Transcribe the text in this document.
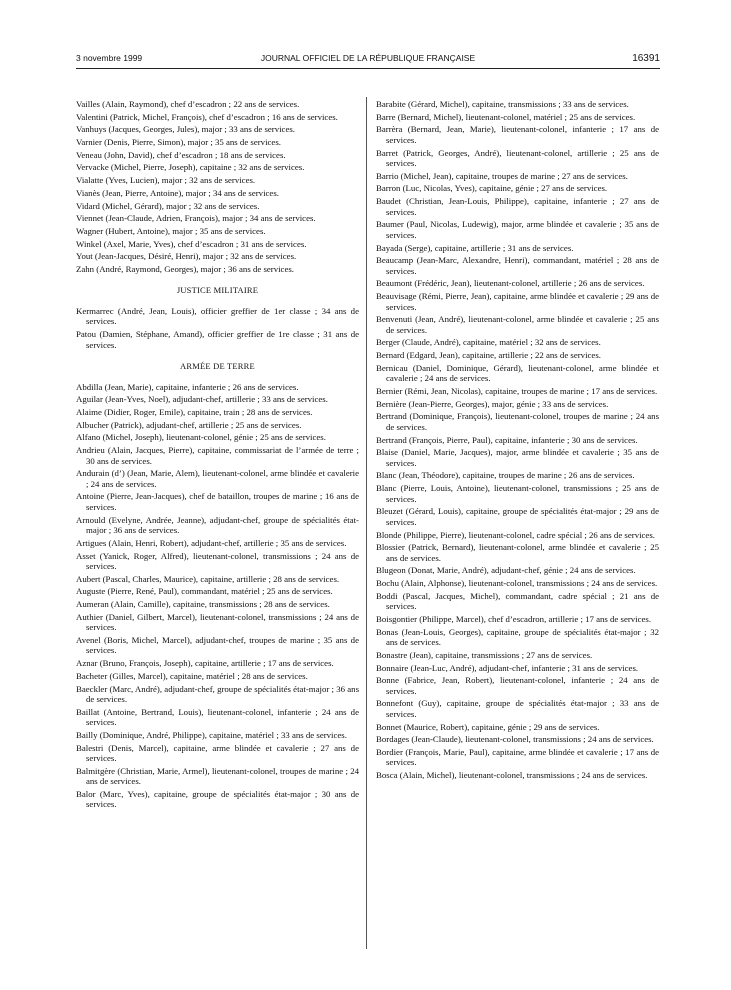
3 novembre 1999	JOURNAL OFFICIEL DE LA RÉPUBLIQUE FRANÇAISE	16391
Vailles (Alain, Raymond), chef d’escadron ; 22 ans de services.
Valentini (Patrick, Michel, François), chef d’escadron ; 16 ans de services.
Vanhuys (Jacques, Georges, Jules), major ; 33 ans de services.
Varnier (Denis, Pierre, Simon), major ; 35 ans de services.
Veneau (John, David), chef d’escadron ; 18 ans de services.
Vervacke (Michel, Pierre, Joseph), capitaine ; 32 ans de services.
Vialatte (Yves, Lucien), major ; 32 ans de services.
Vianès (Jean, Pierre, Antoine), major ; 34 ans de services.
Vidard (Michel, Gérard), major ; 32 ans de services.
Viennet (Jean-Claude, Adrien, François), major ; 34 ans de services.
Wagner (Hubert, Antoine), major ; 35 ans de services.
Winkel (Axel, Marie, Yves), chef d’escadron ; 31 ans de services.
Yout (Jean-Jacques, Désiré, Henri), major ; 32 ans de services.
Zahn (André, Raymond, Georges), major ; 36 ans de services.
JUSTICE MILITAIRE
Kermarrec (André, Jean, Louis), officier greffier de 1er classe ; 34 ans de services.
Patou (Damien, Stéphane, Amand), officier greffier de 1re classe ; 31 ans de services.
ARMÉE DE TERRE
Abdilla (Jean, Marie), capitaine, infanterie ; 26 ans de services.
Aguilar (Jean-Yves, Noel), adjudant-chef, artillerie ; 33 ans de services.
Alaime (Didier, Roger, Emile), capitaine, train ; 28 ans de services.
Albucher (Patrick), adjudant-chef, artillerie ; 25 ans de services.
Alfano (Michel, Joseph), lieutenant-colonel, génie ; 25 ans de services.
Andrieu (Alain, Jacques, Pierre), capitaine, commissariat de l’armée de terre ; 30 ans de services.
Andurain (d’) (Jean, Marie, Alem), lieutenant-colonel, arme blindée et cavalerie ; 24 ans de services.
Antoine (Pierre, Jean-Jacques), chef de bataillon, troupes de marine ; 16 ans de services.
Arnould (Evelyne, Andrée, Jeanne), adjudant-chef, groupe de spécialités état-major ; 36 ans de services.
Artigues (Alain, Henri, Robert), adjudant-chef, artillerie ; 35 ans de services.
Asset (Yanick, Roger, Alfred), lieutenant-colonel, transmissions ; 24 ans de services.
Aubert (Pascal, Charles, Maurice), capitaine, artillerie ; 28 ans de services.
Auguste (Pierre, René, Paul), commandant, matériel ; 25 ans de services.
Aumeran (Alain, Camille), capitaine, transmissions ; 28 ans de services.
Authier (Daniel, Gilbert, Marcel), lieutenant-colonel, transmissions ; 24 ans de services.
Avenel (Boris, Michel, Marcel), adjudant-chef, troupes de marine ; 35 ans de services.
Aznar (Bruno, François, Joseph), capitaine, artillerie ; 17 ans de services.
Bacheter (Gilles, Marcel), capitaine, matériel ; 28 ans de services.
Baeckler (Marc, André), adjudant-chef, groupe de spécialités état-major ; 36 ans de services.
Baillat (Antoine, Bertrand, Louis), lieutenant-colonel, infanterie ; 24 ans de services.
Bailly (Dominique, André, Philippe), capitaine, matériel ; 33 ans de services.
Balestri (Denis, Marcel), capitaine, arme blindée et cavalerie ; 27 ans de services.
Balmitgère (Christian, Marie, Armel), lieutenant-colonel, troupes de marine ; 24 ans de services.
Balor (Marc, Yves), capitaine, groupe de spécialités état-major ; 30 ans de services.
Barabite (Gérard, Michel), capitaine, transmissions ; 33 ans de services.
Barre (Bernard, Michel), lieutenant-colonel, matériel ; 25 ans de services.
Barrèra (Bernard, Jean, Marie), lieutenant-colonel, infanterie ; 17 ans de services.
Barret (Patrick, Georges, André), lieutenant-colonel, artillerie ; 25 ans de services.
Barrio (Michel, Jean), capitaine, troupes de marine ; 27 ans de services.
Barron (Luc, Nicolas, Yves), capitaine, génie ; 27 ans de services.
Baudet (Christian, Jean-Louis, Philippe), capitaine, infanterie ; 27 ans de services.
Baumer (Paul, Nicolas, Ludewig), major, arme blindée et cavalerie ; 35 ans de services.
Bayada (Serge), capitaine, artillerie ; 31 ans de services.
Beaucamp (Jean-Marc, Alexandre, Henri), commandant, matériel ; 28 ans de services.
Beaumont (Frédéric, Jean), lieutenant-colonel, artillerie ; 26 ans de services.
Beauvisage (Rémi, Pierre, Jean), capitaine, arme blindée et cavalerie ; 29 ans de services.
Benvenuti (Jean, André), lieutenant-colonel, arme blindée et cavalerie ; 25 ans de services.
Berger (Claude, André), capitaine, matériel ; 32 ans de services.
Bernard (Edgard, Jean), capitaine, artillerie ; 22 ans de services.
Bernicau (Daniel, Dominique, Gérard), lieutenant-colonel, arme blindée et cavalerie ; 24 ans de services.
Bernier (Rémi, Jean, Nicolas), capitaine, troupes de marine ; 17 ans de services.
Bernière (Jean-Pierre, Georges), major, génie ; 33 ans de services.
Bertrand (Dominique, François), lieutenant-colonel, troupes de marine ; 24 ans de services.
Bertrand (François, Pierre, Paul), capitaine, infanterie ; 30 ans de services.
Blaise (Daniel, Marie, Jacques), major, arme blindée et cavalerie ; 35 ans de services.
Blanc (Jean, Théodore), capitaine, troupes de marine ; 26 ans de services.
Blanc (Pierre, Louis, Antoine), lieutenant-colonel, transmissions ; 25 ans de services.
Bleuzet (Gérard, Louis), capitaine, groupe de spécialités état-major ; 29 ans de services.
Blonde (Philippe, Pierre), lieutenant-colonel, cadre spécial ; 26 ans de services.
Blossier (Patrick, Bernard), lieutenant-colonel, arme blindée et cavalerie ; 25 ans de services.
Blugeon (Donat, Marie, André), adjudant-chef, génie ; 24 ans de services.
Bochu (Alain, Alphonse), lieutenant-colonel, transmissions ; 24 ans de services.
Boddi (Pascal, Jacques, Michel), commandant, cadre spécial ; 21 ans de services.
Boisgontier (Philippe, Marcel), chef d’escadron, artillerie ; 17 ans de services.
Bonas (Jean-Louis, Georges), capitaine, groupe de spécialités état-major ; 32 ans de services.
Bonastre (Jean), capitaine, transmissions ; 27 ans de services.
Bonnaire (Jean-Luc, André), adjudant-chef, infanterie ; 31 ans de services.
Bonne (Fabrice, Jean, Robert), lieutenant-colonel, infanterie ; 24 ans de services.
Bonnefont (Guy), capitaine, groupe de spécialités état-major ; 33 ans de services.
Bonnet (Maurice, Robert), capitaine, génie ; 29 ans de services.
Bordages (Jean-Claude), lieutenant-colonel, transmissions ; 24 ans de services.
Bordier (François, Marie, Paul), capitaine, arme blindée et cavalerie ; 17 ans de services.
Bosca (Alain, Michel), lieutenant-colonel, transmissions ; 24 ans de services.
